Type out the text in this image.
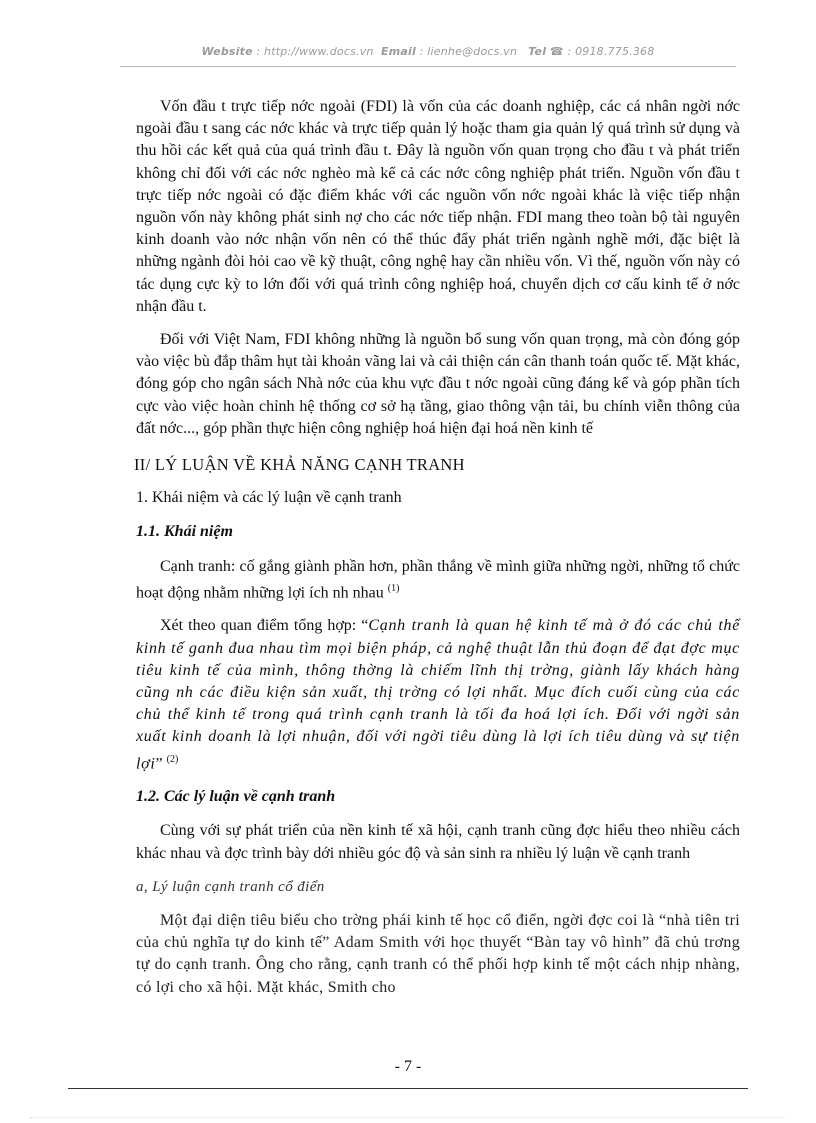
Website : http://www.docs.vn Email : lienhe@docs.vn Tel ☎ : 0918.775.368

Vốn đầu t trực tiếp nớc ngoài (FDI) là vốn của các doanh nghiệp, các cá nhân ngời nớc ngoài đầu t sang các nớc khác và trực tiếp quản lý hoặc tham gia quản lý quá trình sử dụng và thu hồi các kết quả của quá trình đầu t. Đây là nguồn vốn quan trọng cho đầu t và phát triển không chỉ đối với các nớc nghèo mà kể cả các nớc công nghiệp phát triển. Nguồn vốn đầu t trực tiếp nớc ngoài có đặc điểm khác với các nguồn vốn nớc ngoài khác là việc tiếp nhận nguồn vốn này không phát sinh nợ cho các nớc tiếp nhận. FDI mang theo toàn bộ tài nguyên kinh doanh vào nớc nhận vốn nên có thể thúc đẩy phát triển ngành nghề mới, đặc biệt là những ngành đòi hỏi cao về kỹ thuật, công nghệ hay cần nhiều vốn. Vì thế, nguồn vốn này có tác dụng cực kỳ to lớn đối với quá trình công nghiệp hoá, chuyển dịch cơ cấu kinh tế ở nớc nhận đầu t.

Đối với Việt Nam, FDI không những là nguồn bổ sung vốn quan trọng, mà còn đóng góp vào việc bù đắp thâm hụt tài khoản vãng lai và cải thiện cán cân thanh toán quốc tế. Mặt khác, đóng góp cho ngân sách Nhà nớc của khu vực đầu t nớc ngoài cũng đáng kể và góp phần tích cực vào việc hoàn chỉnh hệ thống cơ sở hạ tầng, giao thông vận tải, bu chính viễn thông của đất nớc..., góp phần thực hiện công nghiệp hoá hiện đại hoá nền kinh tế

II/ LÝ LUẬN VỀ KHẢ NĂNG CẠNH TRANH

1. Khái niệm và các lý luận về cạnh tranh

1.1. Khái niệm

Cạnh tranh: cố gắng giành phần hơn, phần thắng về mình giữa những ngời, những tổ chức hoạt động nhằm những lợi ích nh nhau $^{(1)}$

Xét theo quan điểm tổng hợp: “Cạnh tranh là quan hệ kinh tế mà ở đó các chủ thể kinh tế ganh đua nhau tìm mọi biện pháp, cả nghệ thuật lẫn thủ đoạn để đạt đợc mục tiêu kinh tế của mình, thông thờng là chiếm lĩnh thị trờng, giành lấy khách hàng cũng nh các điều kiện sản xuất, thị trờng có lợi nhất. Mục đích cuối cùng của các chủ thể kinh tế trong quá trình cạnh tranh là tối đa hoá lợi ích. Đối với ngời sản xuất kinh doanh là lợi nhuận, đối với ngời tiêu dùng là lợi ích tiêu dùng và sự tiện lợi” $^{(2)}$

1.2. Các lý luận về cạnh tranh

Cùng với sự phát triển của nền kinh tế xã hội, cạnh tranh cũng đợc hiểu theo nhiều cách khác nhau và đợc trình bày dới nhiều góc độ và sản sinh ra nhiều lý luận về cạnh tranh

a, Lý luận cạnh tranh cổ điển

Một đại diện tiêu biểu cho trờng phái kinh tế học cổ điển, ngời đợc coi là “nhà tiên tri của chủ nghĩa tự do kinh tế” Adam Smith với học thuyết “Bàn tay vô hình” đã chủ trơng tự do cạnh tranh. Ông cho rằng, cạnh tranh có thể phối hợp kinh tế một cách nhịp nhàng, có lợi cho xã hội. Mặt khác, Smith cho

- 7 -
